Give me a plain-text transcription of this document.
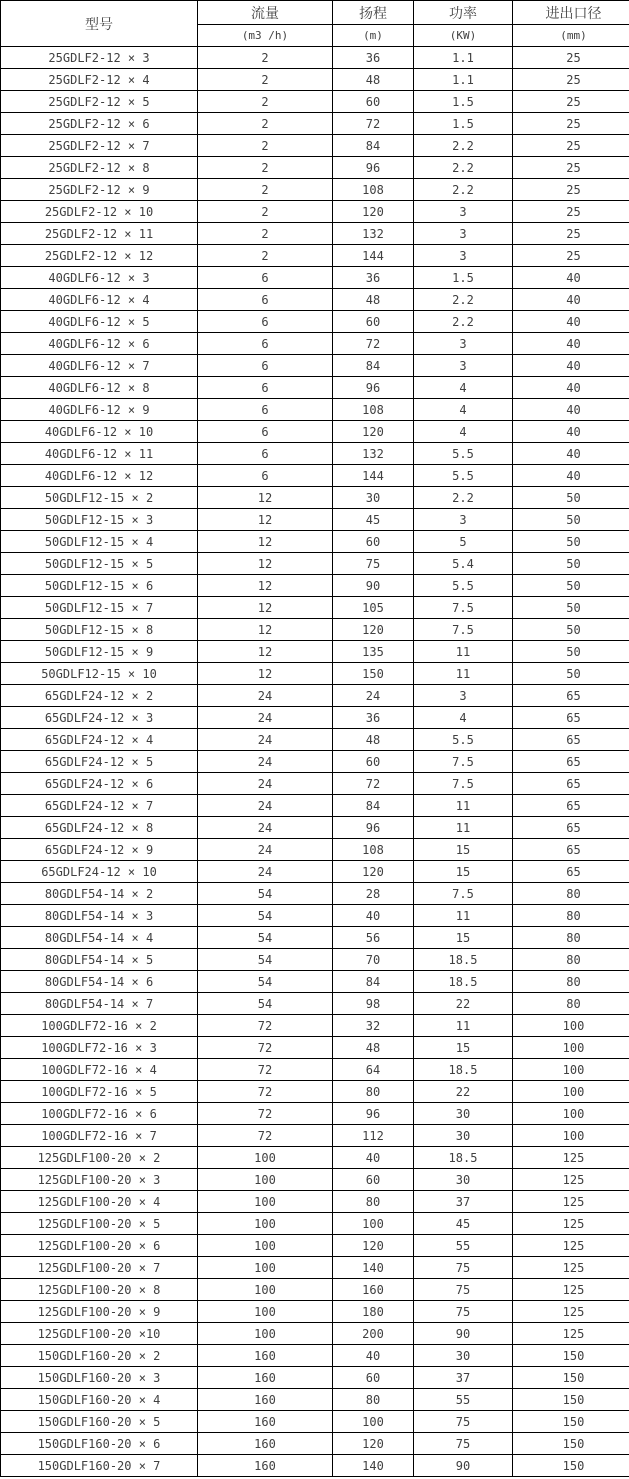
型号	流量	扬程	功率	进出口径
	(m3 /h)	(m)	(KW)	(mm)
25GDLF2-12 × 3	2	36	1.1	25
25GDLF2-12 × 4	2	48	1.1	25
25GDLF2-12 × 5	2	60	1.5	25
25GDLF2-12 × 6	2	72	1.5	25
25GDLF2-12 × 7	2	84	2.2	25
25GDLF2-12 × 8	2	96	2.2	25
25GDLF2-12 × 9	2	108	2.2	25
25GDLF2-12 × 10	2	120	3	25
25GDLF2-12 × 11	2	132	3	25
25GDLF2-12 × 12	2	144	3	25
40GDLF6-12 × 3	6	36	1.5	40
40GDLF6-12 × 4	6	48	2.2	40
40GDLF6-12 × 5	6	60	2.2	40
40GDLF6-12 × 6	6	72	3	40
40GDLF6-12 × 7	6	84	3	40
40GDLF6-12 × 8	6	96	4	40
40GDLF6-12 × 9	6	108	4	40
40GDLF6-12 × 10	6	120	4	40
40GDLF6-12 × 11	6	132	5.5	40
40GDLF6-12 × 12	6	144	5.5	40
50GDLF12-15 × 2	12	30	2.2	50
50GDLF12-15 × 3	12	45	3	50
50GDLF12-15 × 4	12	60	5	50
50GDLF12-15 × 5	12	75	5.4	50
50GDLF12-15 × 6	12	90	5.5	50
50GDLF12-15 × 7	12	105	7.5	50
50GDLF12-15 × 8	12	120	7.5	50
50GDLF12-15 × 9	12	135	11	50
50GDLF12-15 × 10	12	150	11	50
65GDLF24-12 × 2	24	24	3	65
65GDLF24-12 × 3	24	36	4	65
65GDLF24-12 × 4	24	48	5.5	65
65GDLF24-12 × 5	24	60	7.5	65
65GDLF24-12 × 6	24	72	7.5	65
65GDLF24-12 × 7	24	84	11	65
65GDLF24-12 × 8	24	96	11	65
65GDLF24-12 × 9	24	108	15	65
65GDLF24-12 × 10	24	120	15	65
80GDLF54-14 × 2	54	28	7.5	80
80GDLF54-14 × 3	54	40	11	80
80GDLF54-14 × 4	54	56	15	80
80GDLF54-14 × 5	54	70	18.5	80
80GDLF54-14 × 6	54	84	18.5	80
80GDLF54-14 × 7	54	98	22	80
100GDLF72-16 × 2	72	32	11	100
100GDLF72-16 × 3	72	48	15	100
100GDLF72-16 × 4	72	64	18.5	100
100GDLF72-16 × 5	72	80	22	100
100GDLF72-16 × 6	72	96	30	100
100GDLF72-16 × 7	72	112	30	100
125GDLF100-20 × 2	100	40	18.5	125
125GDLF100-20 × 3	100	60	30	125
125GDLF100-20 × 4	100	80	37	125
125GDLF100-20 × 5	100	100	45	125
125GDLF100-20 × 6	100	120	55	125
125GDLF100-20 × 7	100	140	75	125
125GDLF100-20 × 8	100	160	75	125
125GDLF100-20 × 9	100	180	75	125
125GDLF100-20 ×10	100	200	90	125
150GDLF160-20 × 2	160	40	30	150
150GDLF160-20 × 3	160	60	37	150
150GDLF160-20 × 4	160	80	55	150
150GDLF160-20 × 5	160	100	75	150
150GDLF160-20 × 6	160	120	75	150
150GDLF160-20 × 7	160	140	90	150
